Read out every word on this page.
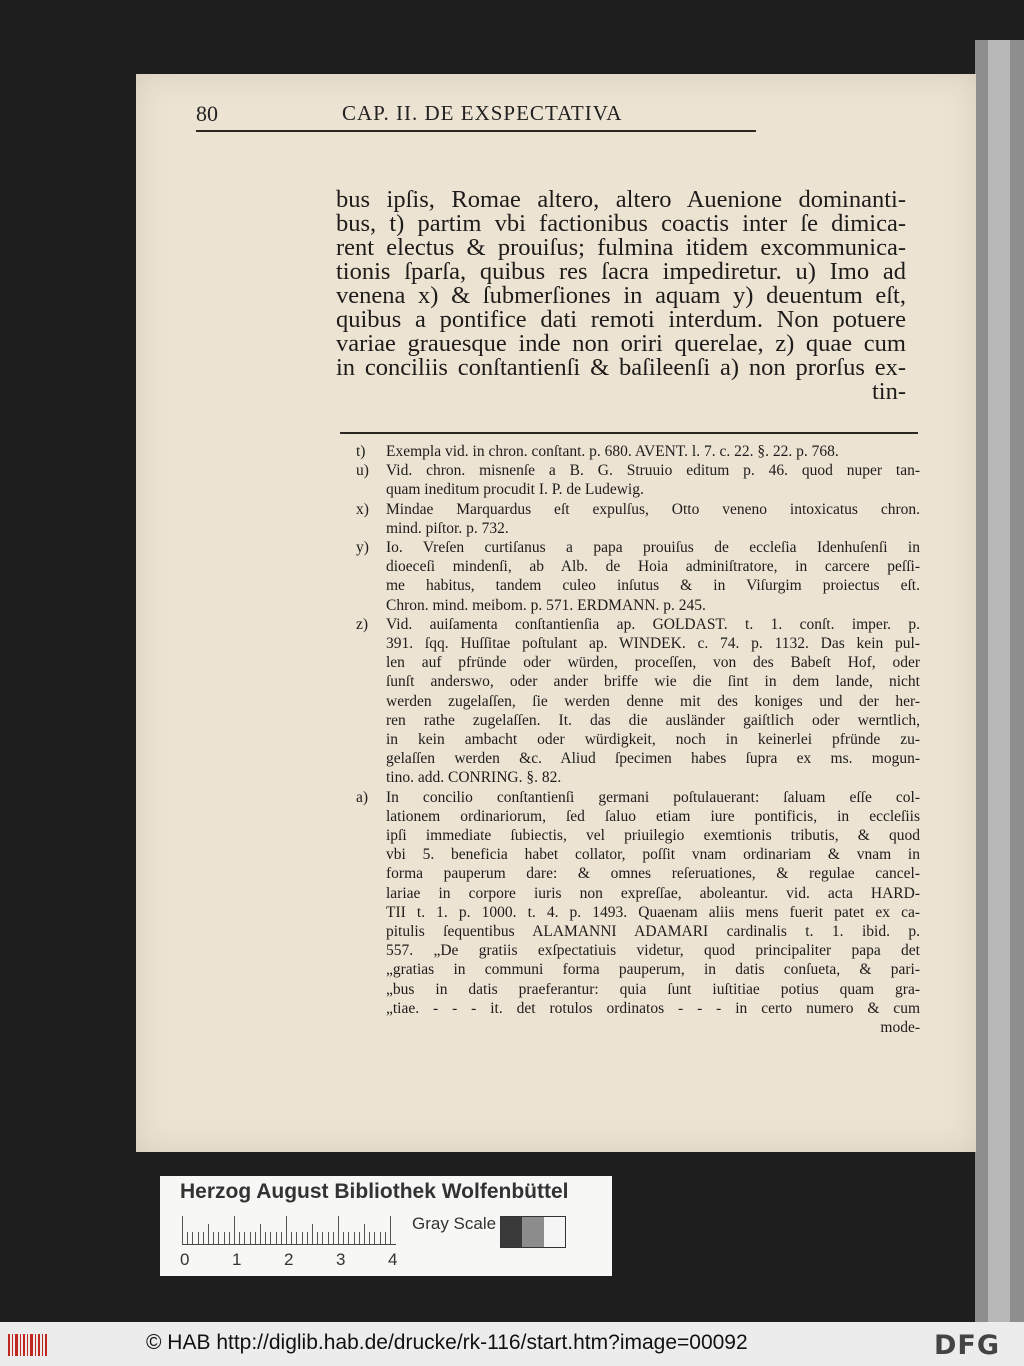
80	CAP. II. DE EXSPECTATIVA
bus ipſis, Romae altero, altero Auenione dominanti-
bus, t) partim vbi factionibus coactis inter ſe dimica-
rent electus & prouiſus; fulmina itidem excommunica-
tionis ſparſa, quibus res ſacra impediretur. u) Imo ad
venena x) & ſubmerſiones in aquam y) deuentum eſt,
quibus a pontifice dati remoti interdum. Non potuere
variae grauesque inde non oriri querelae, z) quae cum
in conciliis conſtantienſi & baſileenſi a) non prorſus ex-
tin-
t) Exempla vid. in chron. conſtant. p. 680. AVENT. l. 7. c. 22. §. 22. p. 768.
u) Vid. chron. misnenſe a B. G. Struuio editum p. 46. quod nuper tan-
quam ineditum procudit I. P. de Ludewig.
x) Mindae Marquardus eſt expulſus, Otto veneno intoxicatus chron.
mind. piſtor. p. 732.
y) Io. Vreſen curtiſanus a papa prouiſus de eccleſia Idenhuſenſi in
dioeceſi mindenſi, ab Alb. de Hoia adminiſtratore, in carcere peſſi-
me habitus, tandem culeo inſutus & in Viſurgim proiectus eſt.
Chron. mind. meibom. p. 571. ERDMANN. p. 245.
z) Vid. auiſamenta conſtantienſia ap. GOLDAST. t. 1. conſt. imper. p.
391. ſqq. Huſſitae poſtulant ap. WINDEK. c. 74. p. 1132. Das kein pul-
len auf pfründe oder würden, proceſſen, von des Babeſt Hof, oder
ſunſt anderswo, oder ander briffe wie die ſint in dem lande, nicht
werden zugelaſſen, ſie werden denne mit des koniges und der her-
ren rathe zugelaſſen. It. das die ausländer gaiſtlich oder werntlich,
in kein ambacht oder würdigkeit, noch in keinerlei pfründe zu-
gelaſſen werden &c. Aliud ſpecimen habes ſupra ex ms. mogun-
tino. add. CONRING. §. 82.
a) In concilio conſtantienſi germani poſtulauerant: ſaluam eſſe col-
lationem ordinariorum, ſed ſaluo etiam iure pontificis, in eccleſiis
ipſi immediate ſubiectis, vel priuilegio exemtionis tributis, & quod
vbi 5. beneficia habet collator, poſſit vnam ordinariam & vnam in
forma pauperum dare: & omnes reſeruationes, & regulae cancel-
lariae in corpore iuris non expreſſae, aboleantur. vid. acta HARD-
TII t. 1. p. 1000. t. 4. p. 1493. Quaenam aliis mens fuerit patet ex ca-
pitulis ſequentibus ALAMANNI ADAMARI cardinalis t. 1. ibid. p.
557. „De gratiis exſpectatiuis videtur, quod principaliter papa det
„gratias in communi forma pauperum, in datis conſueta, & pari-
„bus in datis praeferantur: quia ſunt iuſtitiae potius quam gra-
„tiae. - - - it. det rotulos ordinatos - - - in certo numero & cum
mode-
Herzog August Bibliothek Wolfenbüttel
0	1	2	3	4
Gray Scale
© HAB http://diglib.hab.de/drucke/rk-116/start.htm?image=00092	DFG
